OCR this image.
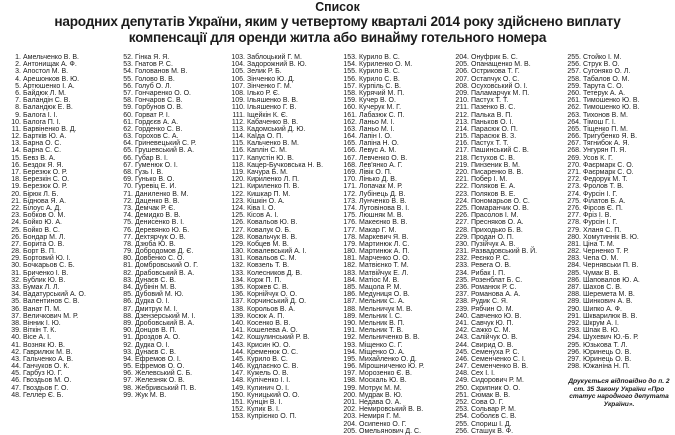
Список
народних депутатів України, яким у четвертому кварталі 2014 року здійснено виплату
компенсації для оренди житла або винайму готельного номера
1. Амельченко В. В.
2. Антонищак А. Ф.
3. Апостол М. В.
4. Арешонков В. Ю.
5. Артюшенко І. А.
6. Байдюк Л. М.
7. Баландін С. В.
8. Баландюк Е. В.
9. Балога І. І.
10. Балога П. І.
11. Барвіненко В. Д.
12. Бартків Ю. А.
13. Барна О. С.
14. Барна С. С.
15. Бевз В. А.
16. Бездок Я. Я.
17. Березюк О. Р.
18. Березкін С. О.
19. Березюк О. Р.
20. Бірюк Л. Б.
21. Біднова Я. А.
22. Білоус А. Д.
23. Бобков О. М.
24. Бойко Ю. А.
25. Бойко В. С.
26. Бондар М. Л.
27. Борита О. В.
28. Борт В. П.
29. Бортовий Ю. І.
30. Бочкарьов С. Б.
31. Бриченко І. В.
32. Бублик Ю. В.
33. Бумак Л. Л.
34. Вадатурський А. О.
35. Валентинов С. В.
36. Ванат П. М.
37. Величкович М. Р.
38. Вінник І. Ю.
39. Віткін Т. К.
40. Вісе А. І.
41. Возняк Ю. В.
42. Гаврилюк М. В.
43. Гальченко А. В.
44. Ганчуков О. К.
45. Гарбуз Ю. Г.
46. Гвоздьов М. О.
47. Гвоздьов Г. О.
48. Геллер Є. Б.
52. Гінка Я. Я.
53. Гнатов Р. С.
54. Голованов М. В.
55. Голово В. В.
56. Голуб О. Л.
57. Гончаренко О. О.
58. Гончаров С. В.
59. Горбунов О. В.
60. Горват Р. І.
61. Гордєєв А. А.
62. Горденко С. В.
63. Горохов С. А.
64. Гриневецький С. Р.
65. Грушевський В. А.
66. Губар В. І.
67. Гуменюк О. І.
68. Гузь І. В.
69. Гунько В. О.
70. Гуревіц Е. И.
71. Даниленко В. М.
72. Даценко В. В.
73. Демчак Р. Є.
74. Демидко В. В.
75. Денисенко В. І.
76. Деревянко Ю. Б.
77. Дехтярчук О. В.
78. Дзюба Ю. В.
79. Добродомов Д. Є.
80. Довбенко С. О.
81. Домбровський О. Г.
82. Драбовський В. А.
83. Дунаєв С. В.
84. Дубінін М. В.
85. Дубовий М. Ю.
86. Дудка О. І.
87. Дмитрук М. І.
88. Дзензерський М. І.
89. Дробовський В. А.
90. Донцов В. П.
91. Дроздов А. О.
92. Дудка О. І.
93. Дунаєв С. В.
94. Ефремов О. І.
95. Ефремов О. О.
96. Желевський С. Б.
97. Железняк О. В.
98. Жебривський П. В.
99. Жук М. В.
103. Заблоцький Г. М.
104. Задорожний В. Ю.
105. Зелик Р. Б.
106. Зінченко Ю. Д.
107. Зінченко Г. М.
108. Ілько Р. Є.
109. Ільяшенко В. В.
110. Ільяшенко Г. В.
111. Іщейкін К. Є.
112. Кабаченко В. В.
113. Кадомський Д. Ю.
114. Каїда О. П.
115. Кальченко В. М.
116. Каплін С. М.
117. Капустін Ю. В.
118. Кацер-Бучковська Н. В.
119. Качура Б. М.
120. Кириленко Л. П.
121. Кириленко П. В.
122. Кишкар П. М.
123. Кішкін О. А.
124. Ківа І. О.
125. Кісов А. І.
126. Ковальов Ю. В.
127. Ковалук О. Б.
128. Ковальчук В. В.
129. Кобцев М. В.
130. Ковалевський А. І.
131. Ковальов С. М.
132. Ковзель Т. В.
133. Колесников Д. В.
134. Корж П. П.
135. Коржев С. В.
136. Корнійчук О. О.
137. Корчинський Д. О.
138. Корольов В. А.
139. Косюк А. П.
140. Косенко В. В.
141. Кошелева А. О.
142. Кошулинський Р. В.
143. Крисин Ю. О.
144. Кременюк О. С.
145. Курило В. С.
146. Кудлаєнко С. В.
147. Кужель О. В.
148. Куліченко І. І.
149. Кулинич О. І.
150. Куницький О. О.
151. Кунцін В. І.
152. Кулик В. І.
153. Купрієнко О. П.
153. Курило В. С.
154. Куриленко О. М.
155. Курило В. С.
156. Курило С. В.
157. Курпіль С. В.
158. Курячий М. П.
159. Кучер В. О.
160. Кучерук М. Г.
161. Лабазюк С. П.
162. Ланьо М. І.
163. Ланьо М. І.
164. Лапін І. О.
165. Лапіна Н. О.
166. Левус А. М.
167. Левченко О. В.
168. Лев'янко А. Г.
169. Лівік О. П.
170. Лінько Д. В.
171. Лопачак М. Р.
172. Лубінець Д. В.
173. Лунченко В. В.
174. Лутовінова В. І.
175. Люшняк М. В.
176. Макеєнко В. В.
177. Макар Г. М.
178. Маркевич Я. В.
179. Мартинюк Л. С.
180. Мартинюк А. П.
181. Марченко О. О.
182. Матвієнко Т. М.
183. Матвійчук Е. Л.
184. Матіос М. В.
185. Мацола Р. М.
186. Медуниця О. В.
187. Мельник С. А.
188. Мельничук М. В.
189. Мельник І. С.
190. Мельник В. П.
191. Мельник Т. В.
192. Мельниченко В. В.
193. Міщенко С. Г.
194. Міщенко О. А.
195. Михайленко О. Д.
196. Мірошниченко Ю. Р.
197. Морозенко Є. В.
198. Москаль Ю. В.
199. Мотрук М. М.
200. Мудрак В. Ю.
201. Недава О. А.
202. Немировський В. В.
203. Немиря Г. М.
204. Осипенко О. Г.
205. Омельянович Д. С.
204. Онуфрик Б. С.
205. Опанащенко М. В.
206. Острикова Т. Г.
207. Остапчук О. С.
208. Осуховський О. І.
209. Паламарчук М. П.
210. Пастух Т. Т.
211. Пазенко В. С.
212. Палька В. П.
213. Паньков О. І.
214. Парасюк О. П.
215. Парасюк В. З.
216. Пастух Т. Т.
217. Пашинський С. В.
218. Пєтухов С. В.
219. Пинзеник В. М.
220. Писаренко В. В.
221. Побер І. М.
222. Поляков Е. А.
223. Поляков В. Е.
224. Пономарьов О. С.
225. Помаранчик О. В.
226. Прасолов І. М.
227. Пресняков О. А.
228. Приходько Б. В.
229. Продан О. П.
230. Пузійчук А. В.
231. Развадовський В. Й.
232. Реєнко Р. С.
233. Ревега О. В.
234. Рибак І. П.
235. Розенблат Б. С.
236. Романюк Р. С.
237. Романова А. А.
238. Рудик С. Я.
239. Рябчин О. М.
240. Савченко Ю. В.
241. Савчук Ю. П.
242. Сажко С. М.
243. Салійчук О. В.
244. Свирид О. В.
245. Семенуха Р. С.
246. Семенченко С. І.
247. Семенченко В. В.
248. Сех І. І.
249. Сидорович Р. М.
250. Скрипник О. О.
251. Сюмак В. В.
252. Сова О. Г.
253. Сольвар Р. М.
254. Соболєв С. В.
255. Спориш І. Д.
256. Сташук В. Ф.
255. Стойко І. М.
256. Струк В. О.
257. Сугоняко О. Л.
258. Табалов О. М.
259. Тарута С. О.
260. Тетерук А. А.
261. Тимошенко Ю. В.
262. Тимошенко Ю. В.
263. Тихонов В. М.
264. Тімош Г. І.
265. Тіщенко П. М.
266. Тригубенко Я. В.
267. Тягнибок А. Я.
268. Унгурян П. Я.
269. Усов К. Г.
270. Фаєрмарк С. О.
271. Фаєрмарк С. О.
272. Федорук М. Т.
273. Фролов Т. В.
274. Фурсін І. Г.
275. Філатов Б. А.
276. Фірсов Є. П.
277. Фріз І. В.
278. Фурсін І. Г.
279. Хланя С. П.
280. Хомутиннік В. Ю.
281. Ціна Т. М.
282. Черненко Т. Р.
283. Чепа О. М.
284. Чернявськи П. В.
285. Чумак В. В.
286. Шаповалов Ю. А.
287. Шахов С. В.
288. Шеремета М. В.
289. Шинкович А. В.
290. Шипко А. Ф.
291. Шкварилюк В. В.
292. Шкрум А. І.
293. Шпак В. Ю.
294. Шухевич Ю.-Б. Р.
295. Юзькова Т. Л.
296. Юринець О. В.
297. Юринець О. В.
298. Южаніна Н. П.
Друкується відповідно до п. 2 ст. 35 Закону України «Про статус народного депутата України».
